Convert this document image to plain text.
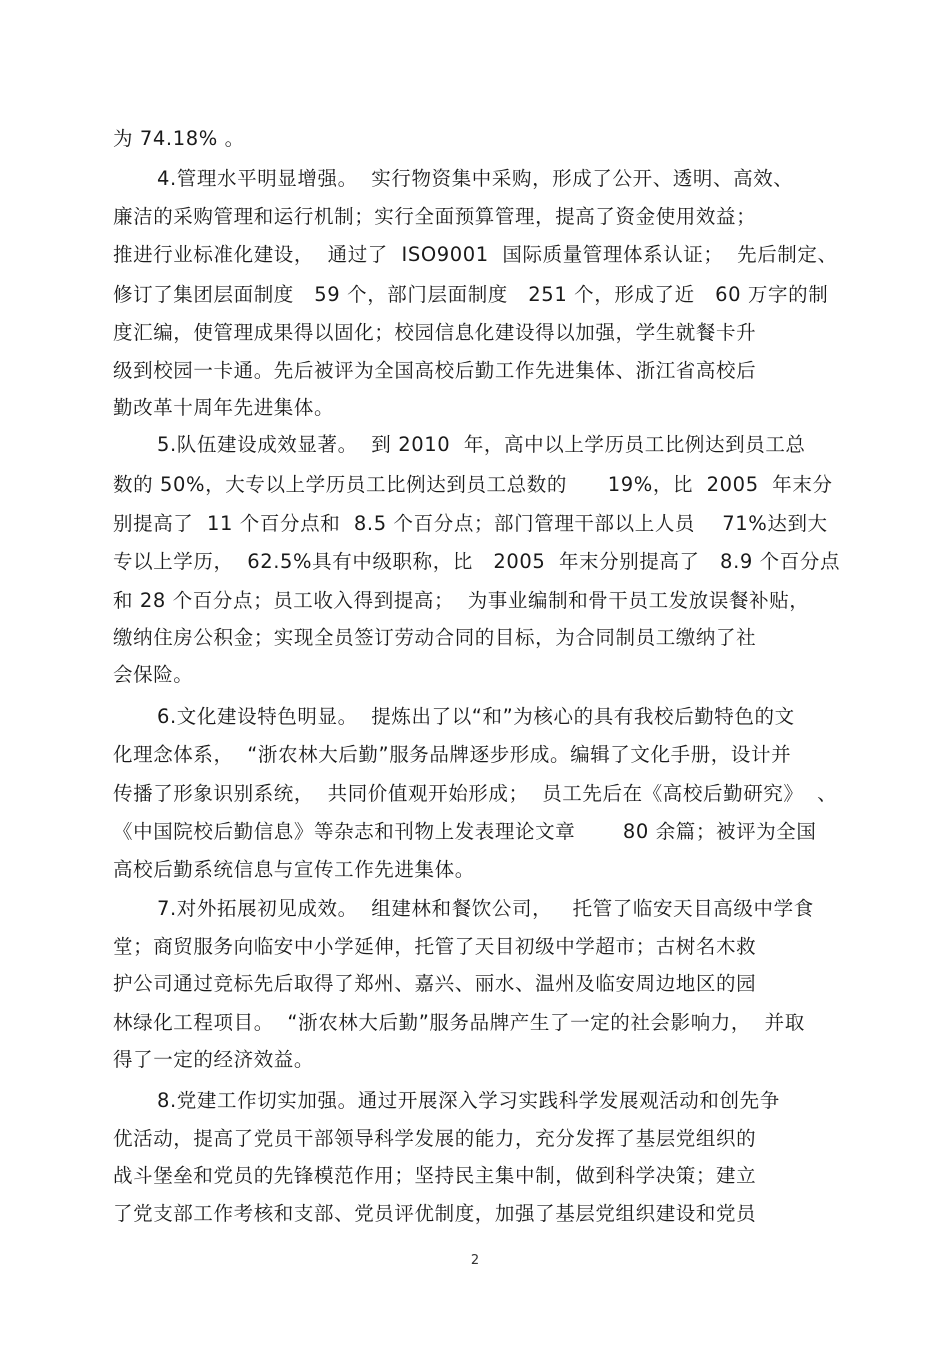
为 74.18% 。
4.管理水平明显增强。  实行物资集中采购，形成了公开、透明、高效、
廉洁的采购管理和运行机制；实行全面预算管理，提高了资金使用效益；
推进行业标准化建设，  通过了  ISO9001  国际质量管理体系认证；  先后制定、
修订了集团层面制度   59 个，部门层面制度   251 个，形成了近   60 万字的制
度汇编，使管理成果得以固化；校园信息化建设得以加强，学生就餐卡升
级到校园一卡通。先后被评为全国高校后勤工作先进集体、浙江省高校后
勤改革十周年先进集体。
5.队伍建设成效显著。  到 2010  年，高中以上学历员工比例达到员工总
数的 50%，大专以上学历员工比例达到员工总数的      19%，比  2005  年末分
别提高了  11 个百分点和  8.5 个百分点；部门管理干部以上人员    71%达到大
专以上学历，  62.5%具有中级职称，比   2005  年末分别提高了   8.9 个百分点
和 28 个百分点；员工收入得到提高；  为事业编制和骨干员工发放误餐补贴，
缴纳住房公积金；实现全员签订劳动合同的目标，为合同制员工缴纳了社
会保险。
6.文化建设特色明显。  提炼出了以“和”为核心的具有我校后勤特色的文
化理念体系，  “浙农林大后勤”服务品牌逐步形成。编辑了文化手册，设计并
传播了形象识别系统，  共同价值观开始形成；  员工先后在《高校后勤研究》  、
《中国院校后勤信息》等杂志和刊物上发表理论文章       80 余篇；被评为全国
高校后勤系统信息与宣传工作先进集体。
7.对外拓展初见成效。  组建林和餐饮公司，   托管了临安天目高级中学食
堂；商贸服务向临安中小学延伸，托管了天目初级中学超市；古树名木救
护公司通过竞标先后取得了郑州、嘉兴、丽水、温州及临安周边地区的园
林绿化工程项目。  “浙农林大后勤”服务品牌产生了一定的社会影响力，  并取
得了一定的经济效益。
8.党建工作切实加强。通过开展深入学习实践科学发展观活动和创先争
优活动，提高了党员干部领导科学发展的能力，充分发挥了基层党组织的
战斗堡垒和党员的先锋模范作用；坚持民主集中制，做到科学决策；建立
了党支部工作考核和支部、党员评优制度，加强了基层党组织建设和党员
2
